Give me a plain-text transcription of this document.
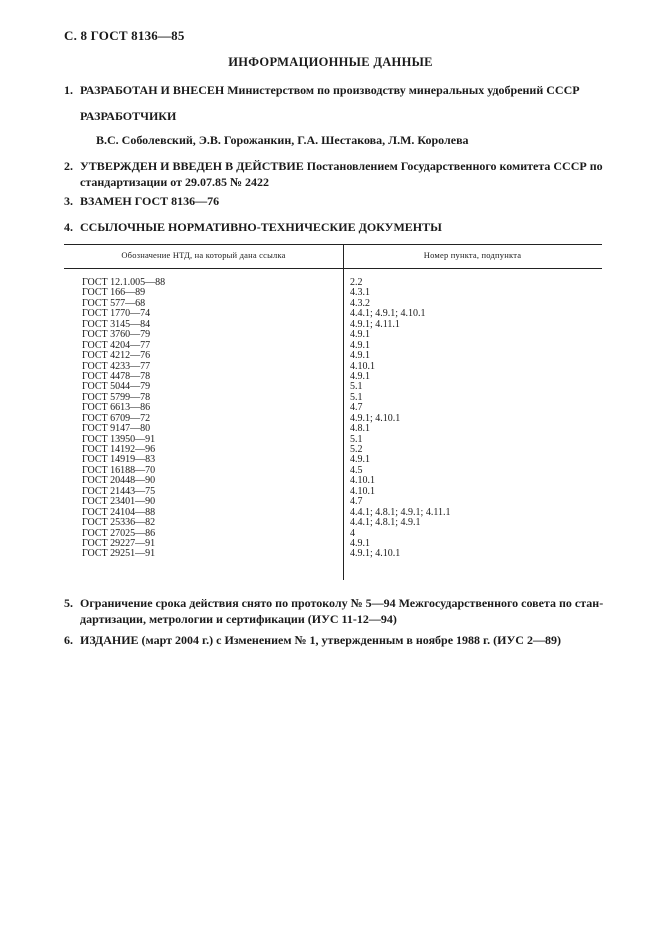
С. 8 ГОСТ 8136—85
ИНФОРМАЦИОННЫЕ ДАННЫЕ
1. РАЗРАБОТАН И ВНЕСЕН Министерством по производству минеральных удобрений СССР
РАЗРАБОТЧИКИ
В.С. Соболевский, Э.В. Горожанкин, Г.А. Шестакова, Л.М. Королева
2. УТВЕРЖДЕН И ВВЕДЕН В ДЕЙСТВИЕ Постановлением Государственного комитета СССР по
стандартизации от 29.07.85 № 2422
3. ВЗАМЕН ГОСТ 8136—76
4. ССЫЛОЧНЫЕ НОРМАТИВНО-ТЕХНИЧЕСКИЕ ДОКУМЕНТЫ
Обозначение НТД, на который дана ссылка	Номер пункта, подпункта
ГОСТ 12.1.005—88	2.2
ГОСТ 166—89	4.3.1
ГОСТ 577—68	4.3.2
ГОСТ 1770—74	4.4.1; 4.9.1; 4.10.1
ГОСТ 3145—84	4.9.1; 4.11.1
ГОСТ 3760—79	4.9.1
ГОСТ 4204—77	4.9.1
ГОСТ 4212—76	4.9.1
ГОСТ 4233—77	4.10.1
ГОСТ 4478—78	4.9.1
ГОСТ 5044—79	5.1
ГОСТ 5799—78	5.1
ГОСТ 6613—86	4.7
ГОСТ 6709—72	4.9.1; 4.10.1
ГОСТ 9147—80	4.8.1
ГОСТ 13950—91	5.1
ГОСТ 14192—96	5.2
ГОСТ 14919—83	4.9.1
ГОСТ 16188—70	4.5
ГОСТ 20448—90	4.10.1
ГОСТ 21443—75	4.10.1
ГОСТ 23401—90	4.7
ГОСТ 24104—88	4.4.1; 4.8.1; 4.9.1; 4.11.1
ГОСТ 25336—82	4.4.1; 4.8.1; 4.9.1
ГОСТ 27025—86	4
ГОСТ 29227—91	4.9.1
ГОСТ 29251—91	4.9.1; 4.10.1
5. Ограничение срока действия снято по протоколу № 5—94 Межгосударственного совета по стан-
дартизации, метрологии и сертификации (ИУС 11-12—94)
6. ИЗДАНИЕ (март 2004 г.) с Изменением № 1, утвержденным в ноябре 1988 г. (ИУС 2—89)
